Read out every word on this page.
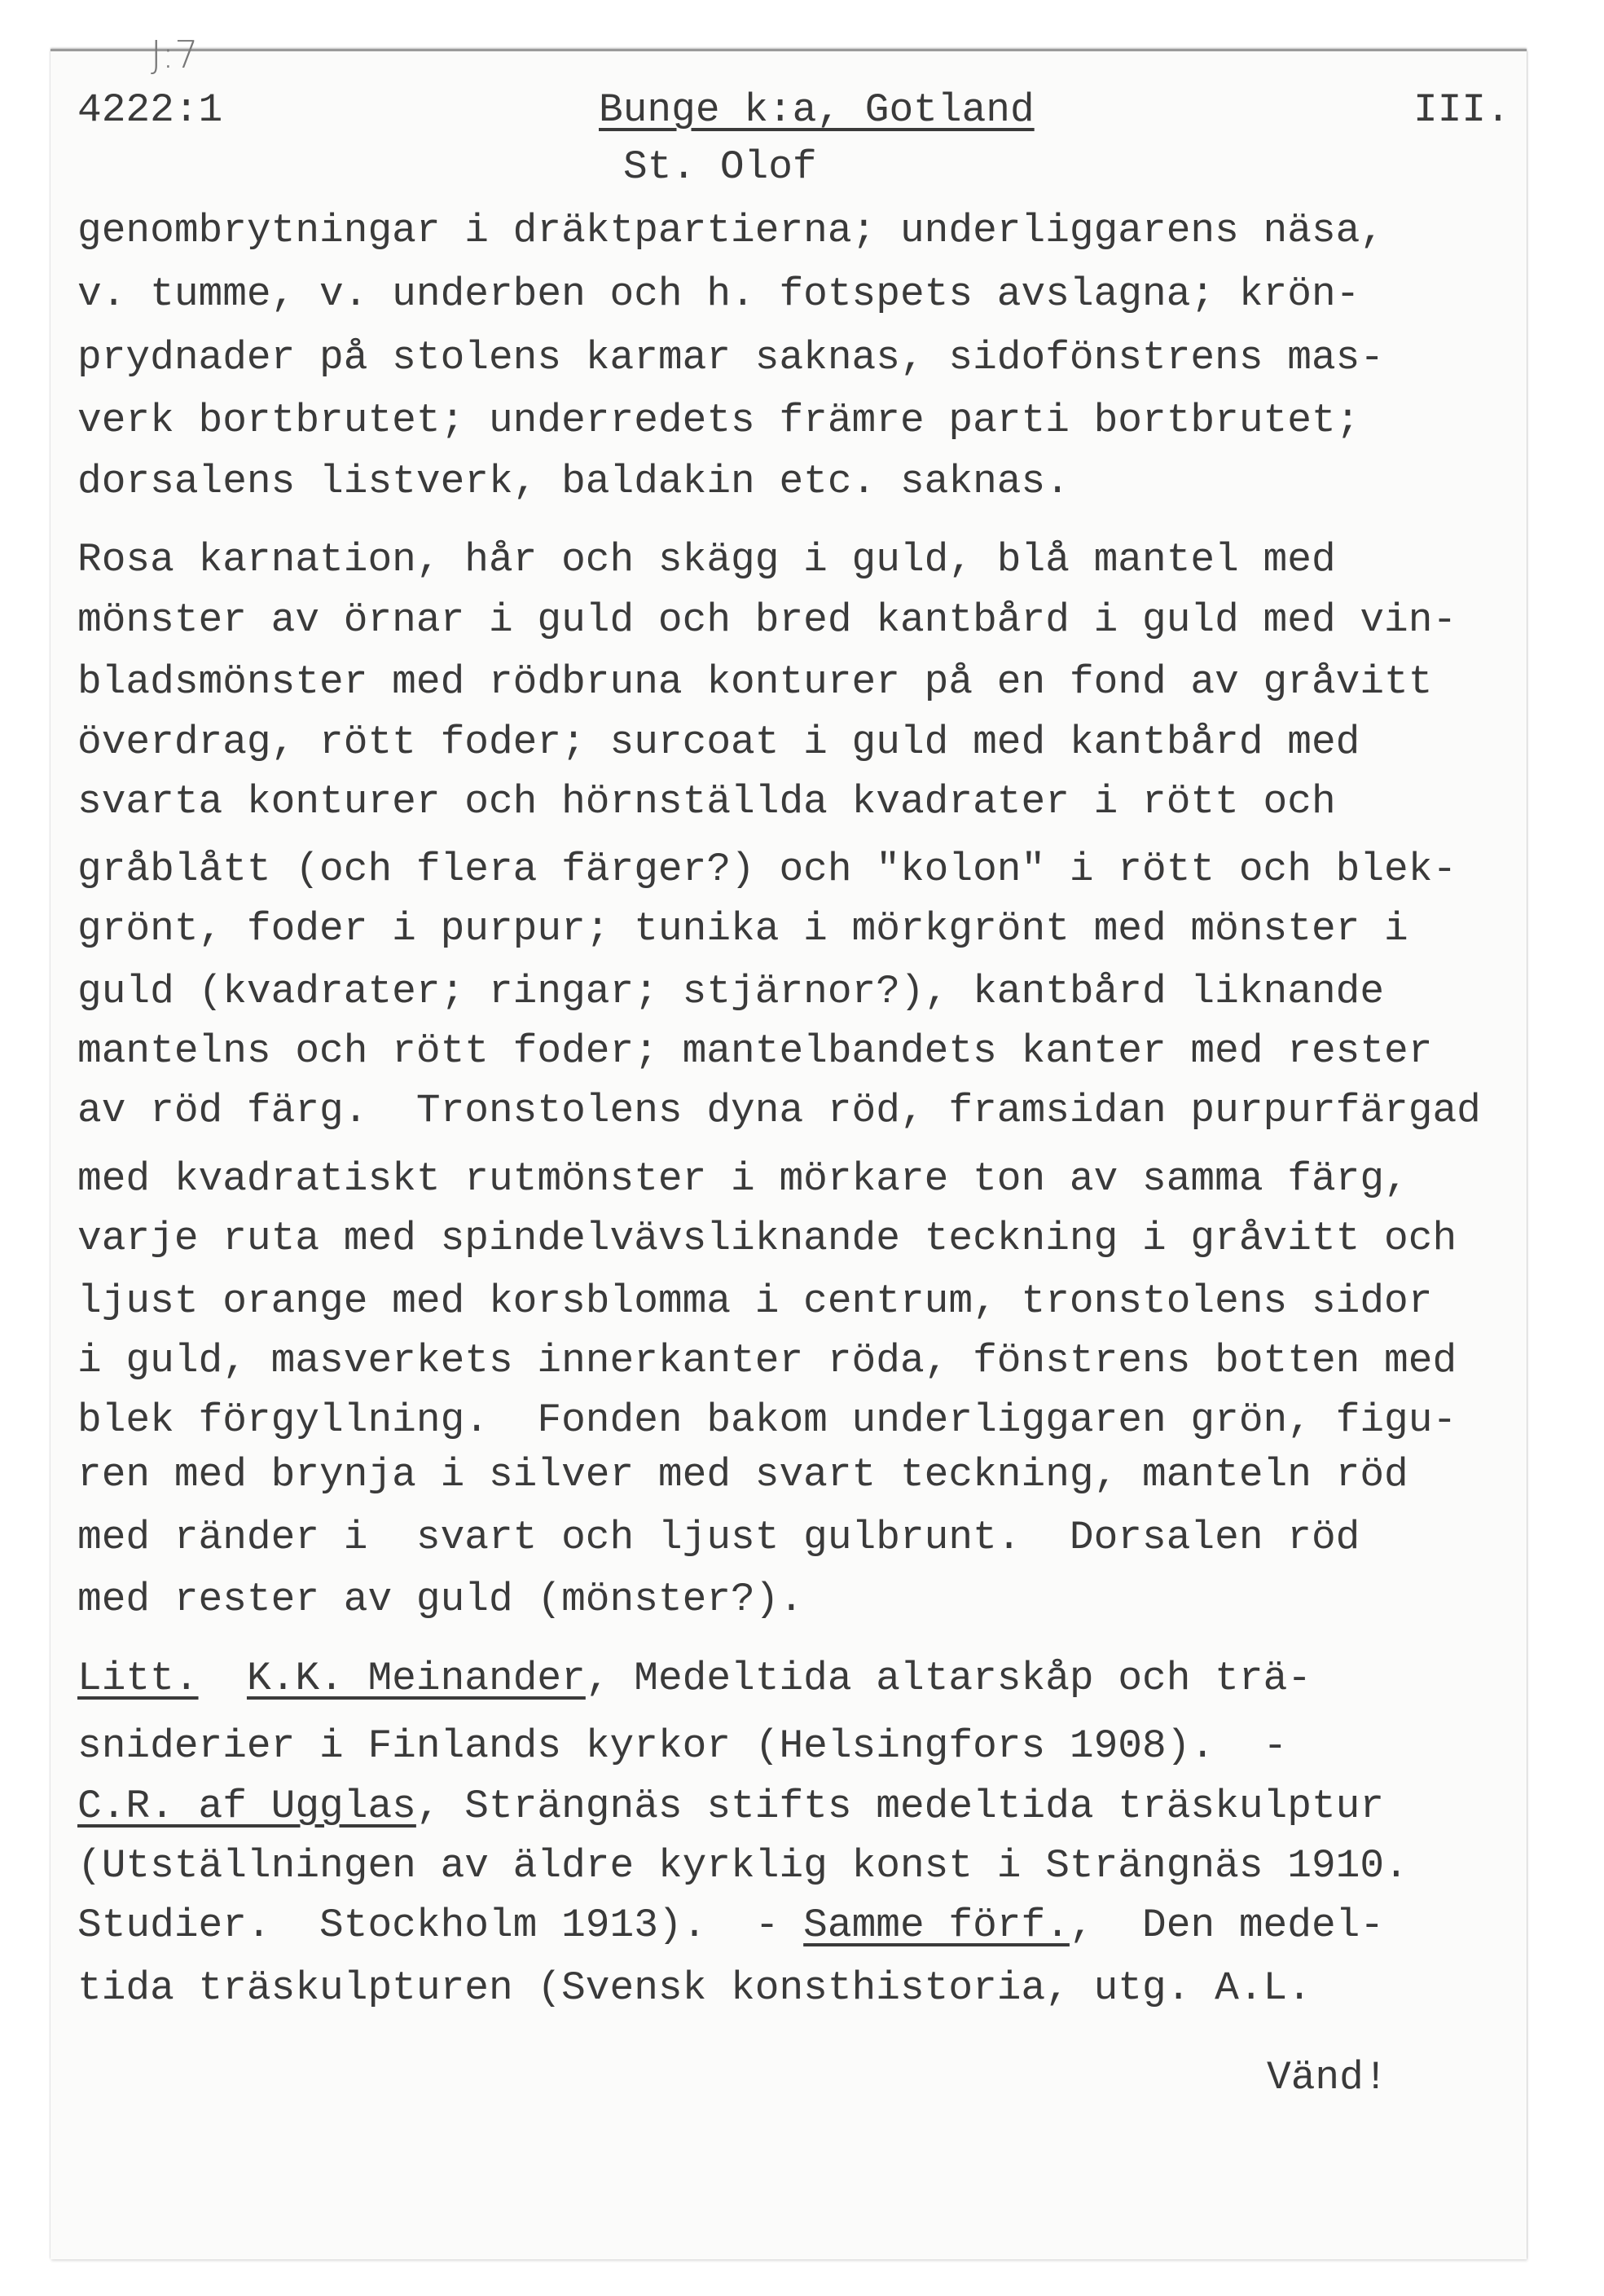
J:7
4222:1	Bunge k:a, Gotland	III.
St. Olof
genombrytningar i dräktpartierna; underliggarens näsa,
v. tumme, v. underben och h. fotspets avslagna; krön-
prydnader på stolens karmar saknas, sidofönstrens mas-
verk bortbrutet; underredets främre parti bortbrutet;
dorsalens listverk, baldakin etc. saknas.
Rosa karnation, hår och skägg i guld, blå mantel med
mönster av örnar i guld och bred kantbård i guld med vin-
bladsmönster med rödbruna konturer på en fond av gråvitt
överdrag, rött foder; surcoat i guld med kantbård med
svarta konturer och hörnställda kvadrater i rött och
gråblått (och flera färger?) och "kolon" i rött och blek-
grönt, foder i purpur; tunika i mörkgrönt med mönster i
guld (kvadrater; ringar; stjärnor?), kantbård liknande
mantelns och rött foder; mantelbandets kanter med rester
av röd färg.  Tronstolens dyna röd, framsidan purpurfärgad
med kvadratiskt rutmönster i mörkare ton av samma färg,
varje ruta med spindelvävsliknande teckning i gråvitt och
ljust orange med korsblomma i centrum, tronstolens sidor
i guld, masverkets innerkanter röda, fönstrens botten med
blek förgyllning.  Fonden bakom underliggaren grön, figu-
ren med brynja i silver med svart teckning, manteln röd
med ränder i  svart och ljust gulbrunt.  Dorsalen röd
med rester av guld (mönster?).
Litt. K.K. Meinander, Medeltida altarskåp och trä-
sniderier i Finlands kyrkor (Helsingfors 1908).  -
C.R. af Ugglas, Strängnäs stifts medeltida träskulptur
(Utställningen av äldre kyrklig konst i Strängnäs 1910.
Studier.  Stockholm 1913).  - Samme förf.,  Den medel-
tida träskulpturen (Svensk konsthistoria, utg. A.L.
Vänd!
